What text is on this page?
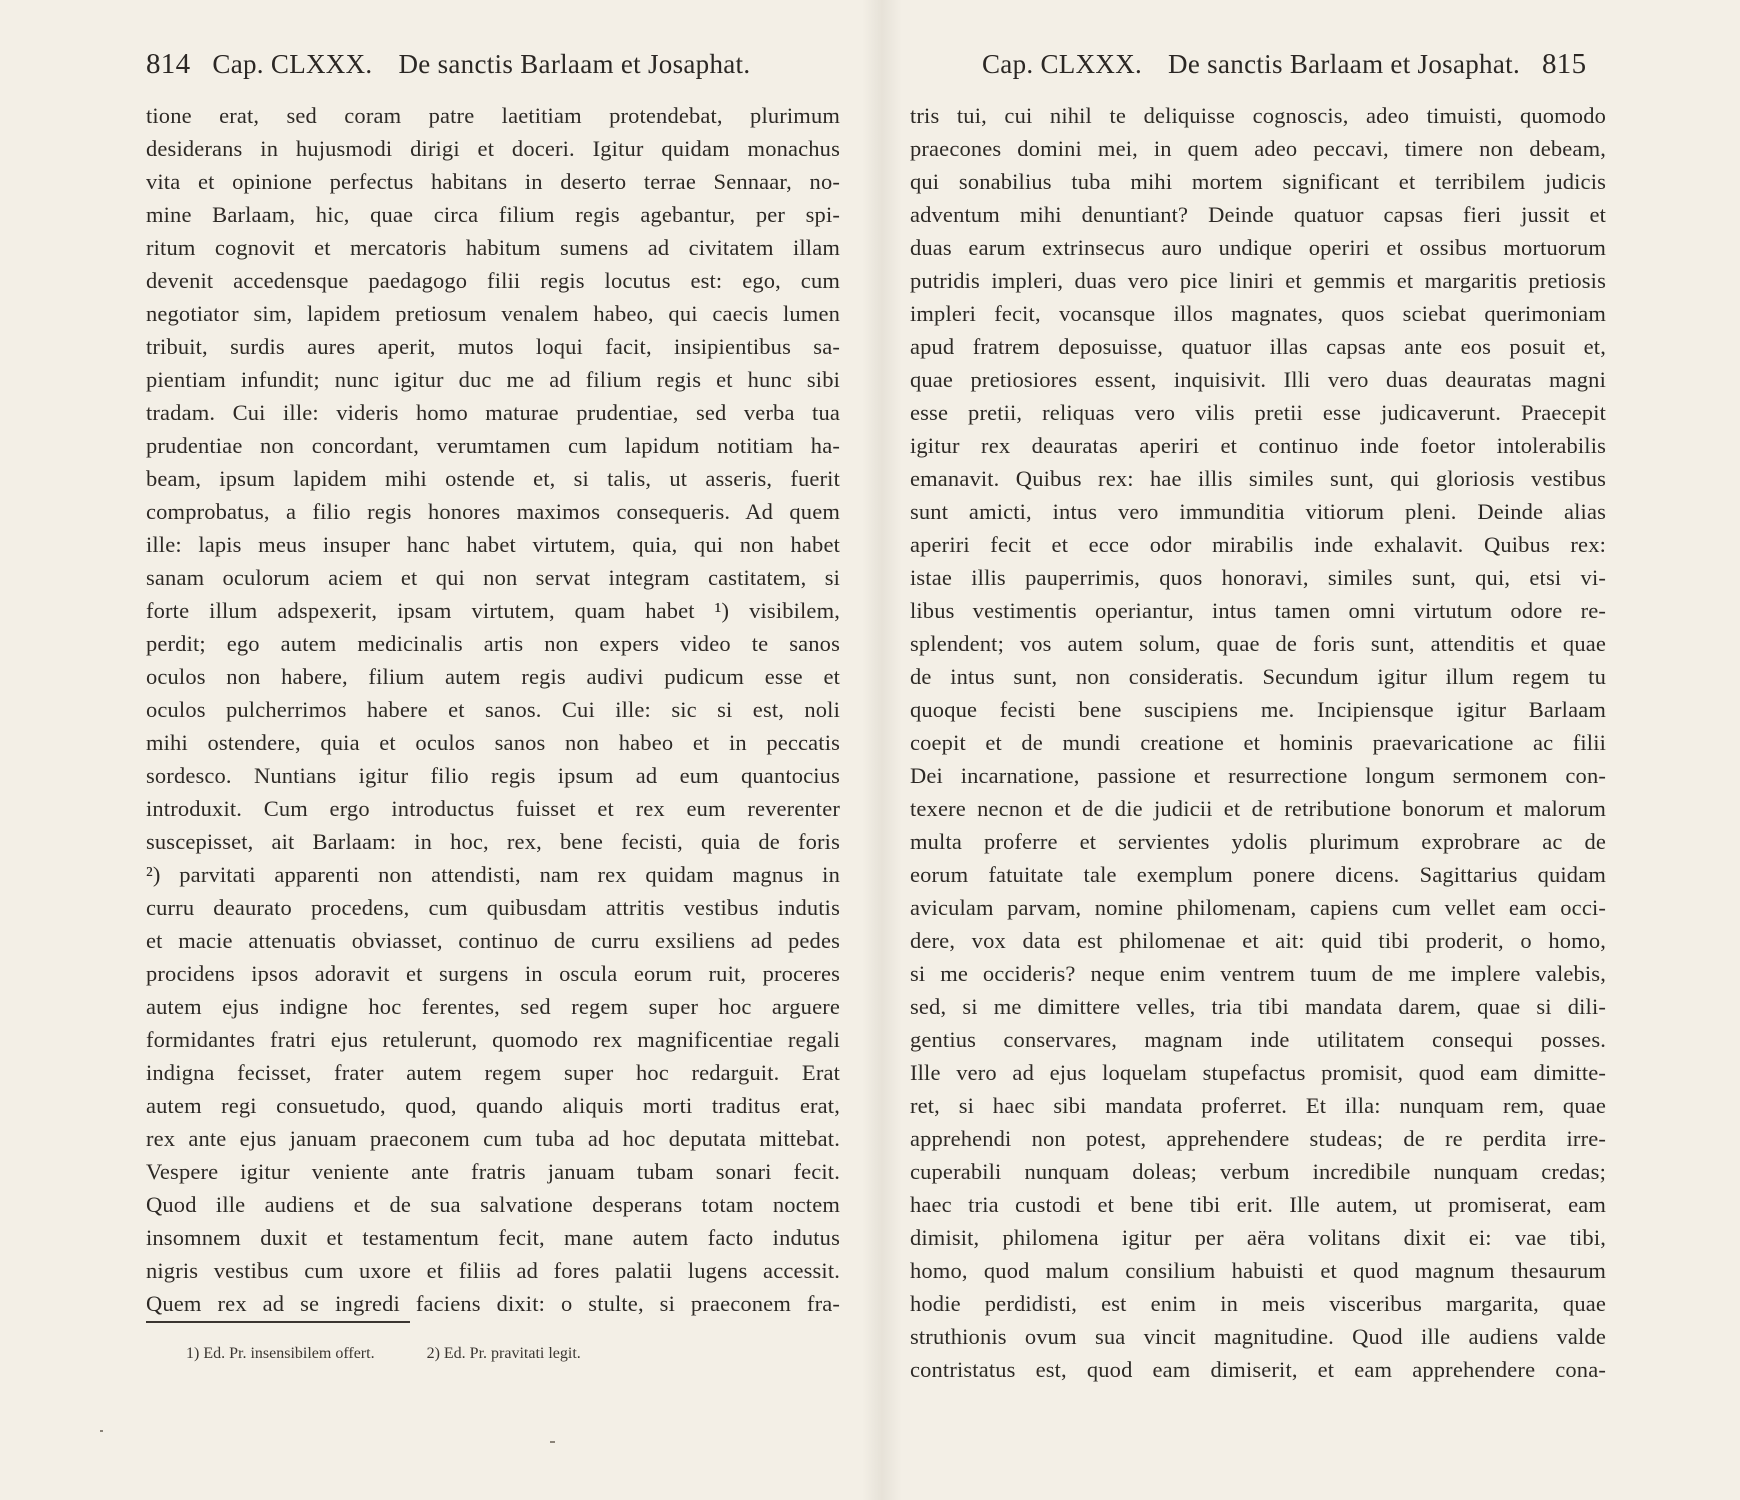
814 Cap. CLXXX. De sanctis Barlaam et Josaphat.
tione erat, sed coram patre laetitiam protendebat, plurimum
desiderans in hujusmodi dirigi et doceri. Igitur quidam monachus
vita et opinione perfectus habitans in deserto terrae Sennaar, no-
mine Barlaam, hic, quae circa filium regis agebantur, per spi-
ritum cognovit et mercatoris habitum sumens ad civitatem illam
devenit accedensque paedagogo filii regis locutus est: ego, cum
negotiator sim, lapidem pretiosum venalem habeo, qui caecis lumen
tribuit, surdis aures aperit, mutos loqui facit, insipientibus sa-
pientiam infundit; nunc igitur duc me ad filium regis et hunc sibi
tradam. Cui ille: videris homo maturae prudentiae, sed verba tua
prudentiae non concordant, verumtamen cum lapidum notitiam ha-
beam, ipsum lapidem mihi ostende et, si talis, ut asseris, fuerit
comprobatus, a filio regis honores maximos consequeris. Ad quem
ille: lapis meus insuper hanc habet virtutem, quia, qui non habet
sanam oculorum aciem et qui non servat integram castitatem, si
forte illum adspexerit, ipsam virtutem, quam habet ¹) visibilem,
perdit; ego autem medicinalis artis non expers video te sanos
oculos non habere, filium autem regis audivi pudicum esse et
oculos pulcherrimos habere et sanos. Cui ille: sic si est, noli
mihi ostendere, quia et oculos sanos non habeo et in peccatis
sordesco. Nuntians igitur filio regis ipsum ad eum quantocius
introduxit. Cum ergo introductus fuisset et rex eum reverenter
suscepisset, ait Barlaam: in hoc, rex, bene fecisti, quia de foris
²) parvitati apparenti non attendisti, nam rex quidam magnus in
curru deaurato procedens, cum quibusdam attritis vestibus indutis
et macie attenuatis obviasset, continuo de curru exsiliens ad pedes
procidens ipsos adoravit et surgens in oscula eorum ruit, proceres
autem ejus indigne hoc ferentes, sed regem super hoc arguere
formidantes fratri ejus retulerunt, quomodo rex magnificentiae regali
indigna fecisset, frater autem regem super hoc redarguit. Erat
autem regi consuetudo, quod, quando aliquis morti traditus erat,
rex ante ejus januam praeconem cum tuba ad hoc deputata mittebat.
Vespere igitur veniente ante fratris januam tubam sonari fecit.
Quod ille audiens et de sua salvatione desperans totam noctem
insomnem duxit et testamentum fecit, mane autem facto indutus
nigris vestibus cum uxore et filiis ad fores palatii lugens accessit.
Quem rex ad se ingredi faciens dixit: o stulte, si praeconem fra-
1) Ed. Pr. insensibilem offert.	2) Ed. Pr. pravitati legit.
Cap. CLXXX. De sanctis Barlaam et Josaphat. 815
tris tui, cui nihil te deliquisse cognoscis, adeo timuisti, quomodo
praecones domini mei, in quem adeo peccavi, timere non debeam,
qui sonabilius tuba mihi mortem significant et terribilem judicis
adventum mihi denuntiant? Deinde quatuor capsas fieri jussit et
duas earum extrinsecus auro undique operiri et ossibus mortuorum
putridis impleri, duas vero pice liniri et gemmis et margaritis pretiosis
impleri fecit, vocansque illos magnates, quos sciebat querimoniam
apud fratrem deposuisse, quatuor illas capsas ante eos posuit et,
quae pretiosiores essent, inquisivit. Illi vero duas deauratas magni
esse pretii, reliquas vero vilis pretii esse judicaverunt. Praecepit
igitur rex deauratas aperiri et continuo inde foetor intolerabilis
emanavit. Quibus rex: hae illis similes sunt, qui gloriosis vestibus
sunt amicti, intus vero immunditia vitiorum pleni. Deinde alias
aperiri fecit et ecce odor mirabilis inde exhalavit. Quibus rex:
istae illis pauperrimis, quos honoravi, similes sunt, qui, etsi vi-
libus vestimentis operiantur, intus tamen omni virtutum odore re-
splendent; vos autem solum, quae de foris sunt, attenditis et quae
de intus sunt, non consideratis. Secundum igitur illum regem tu
quoque fecisti bene suscipiens me. Incipiensque igitur Barlaam
coepit et de mundi creatione et hominis praevaricatione ac filii
Dei incarnatione, passione et resurrectione longum sermonem con-
texere necnon et de die judicii et de retributione bonorum et malorum
multa proferre et servientes ydolis plurimum exprobrare ac de
eorum fatuitate tale exemplum ponere dicens. Sagittarius quidam
aviculam parvam, nomine philomenam, capiens cum vellet eam occi-
dere, vox data est philomenae et ait: quid tibi proderit, o homo,
si me occideris? neque enim ventrem tuum de me implere valebis,
sed, si me dimittere velles, tria tibi mandata darem, quae si dili-
gentius conservares, magnam inde utilitatem consequi posses.
Ille vero ad ejus loquelam stupefactus promisit, quod eam dimitte-
ret, si haec sibi mandata proferret. Et illa: nunquam rem, quae
apprehendi non potest, apprehendere studeas; de re perdita irre-
cuperabili nunquam doleas; verbum incredibile nunquam credas;
haec tria custodi et bene tibi erit. Ille autem, ut promiserat, eam
dimisit, philomena igitur per aëra volitans dixit ei: vae tibi,
homo, quod malum consilium habuisti et quod magnum thesaurum
hodie perdidisti, est enim in meis visceribus margarita, quae
struthionis ovum sua vincit magnitudine. Quod ille audiens valde
contristatus est, quod eam dimiserit, et eam apprehendere cona-
